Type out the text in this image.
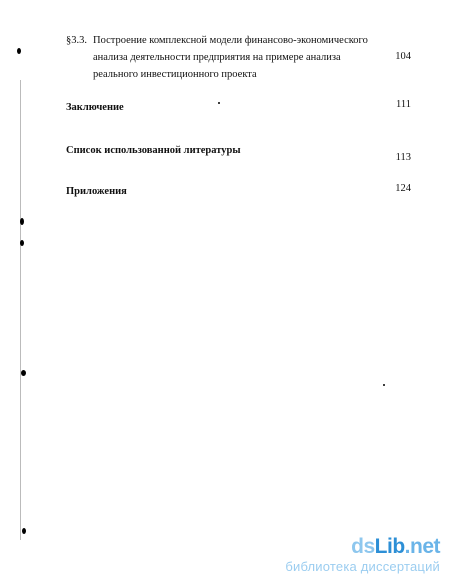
§3.3. Построение комплексной модели финансово-экономического
анализа деятельности предприятия на примере анализа
реального инвестиционного проекта
104
Заключение	111
Список использованной литературы
113
Приложения	124
dsLib.net
библиотека диссертаций
